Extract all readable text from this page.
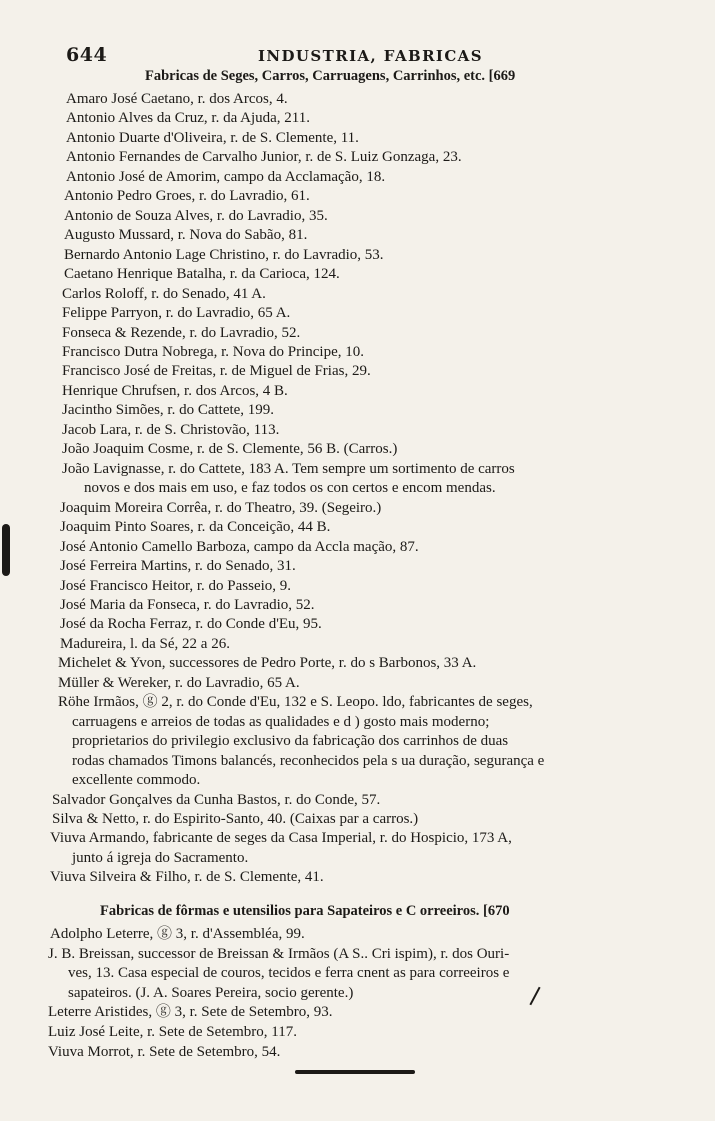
644	INDUSTRIA, FABRICAS
Fabricas de Seges, Carros, Carruagens, Carrinhos, etc. [669
Amaro José Caetano, r. dos Arcos, 4.
Antonio Alves da Cruz, r. da Ajuda, 211.
Antonio Duarte d'Oliveira, r. de S. Clemente, 11.
Antonio Fernandes de Carvalho Junior, r. de S. Luiz Gonzaga, 23.
Antonio José de Amorim, campo da Acclamação, 18.
Antonio Pedro Groes, r. do Lavradio, 61.
Antonio de Souza Alves, r. do Lavradio, 35.
Augusto Mussard, r. Nova do Sabão, 81.
Bernardo Antonio Lage Christino, r. do Lavradio, 53.
Caetano Henrique Batalha, r. da Carioca, 124.
Carlos Roloff, r. do Senado, 41 A.
Felippe Parryon, r. do Lavradio, 65 A.
Fonseca & Rezende, r. do Lavradio, 52.
Francisco Dutra Nobrega, r. Nova do Principe, 10.
Francisco José de Freitas, r. de Miguel de Frias, 29.
Henrique Chrufsen, r. dos Arcos, 4 B.
Jacintho Simões, r. do Cattete, 199.
Jacob Lara, r. de S. Christovão, 113.
João Joaquim Cosme, r. de S. Clemente, 56 B. (Carros.)
João Lavignasse, r. do Cattete, 183 A. Tem sempre um sortimento de carros
novos e dos mais em uso, e faz todos os con certos e encom mendas.
Joaquim Moreira Corrêa, r. do Theatro, 39. (Segeiro.)
Joaquim Pinto Soares, r. da Conceição, 44 B.
José Antonio Camello Barboza, campo da Accla mação, 87.
José Ferreira Martins, r. do Senado, 31.
José Francisco Heitor, r. do Passeio, 9.
José Maria da Fonseca, r. do Lavradio, 52.
José da Rocha Ferraz, r. do Conde d'Eu, 95.
Madureira, l. da Sé, 22 a 26.
Michelet & Yvon, successores de Pedro Porte, r. do s Barbonos, 33 A.
Müller & Wereker, r. do Lavradio, 65 A.
Röhe Irmãos, ⓖ 2, r. do Conde d'Eu, 132 e S. Leopo. ldo, fabricantes de seges,
carruagens e arreios de todas as qualidades e d ) gosto mais moderno;
proprietarios do privilegio exclusivo da fabricação dos carrinhos de duas
rodas chamados Timons balancés, reconhecidos pela s ua duração, segurança e
excellente commodo.
Salvador Gonçalves da Cunha Bastos, r. do Conde, 57.
Silva & Netto, r. do Espirito-Santo, 40. (Caixas par a carros.)
Viuva Armando, fabricante de seges da Casa Imperial, r. do Hospicio, 173 A,
junto á igreja do Sacramento.
Viuva Silveira & Filho, r. de S. Clemente, 41.
Fabricas de fôrmas e utensilios para Sapateiros e C orreeiros. [670
Adolpho Leterre, ⓖ 3, r. d'Assembléa, 99.
J. B. Breissan, successor de Breissan & Irmãos (A S.. Cri ispim), r. dos Ouri-
ves, 13. Casa especial de couros, tecidos e ferra cnent as para correeiros e
sapateiros. (J. A. Soares Pereira, socio gerente.)
Leterre Aristides, ⓖ 3, r. Sete de Setembro, 93.
Luiz José Leite, r. Sete de Setembro, 117.
Viuva Morrot, r. Sete de Setembro, 54.
